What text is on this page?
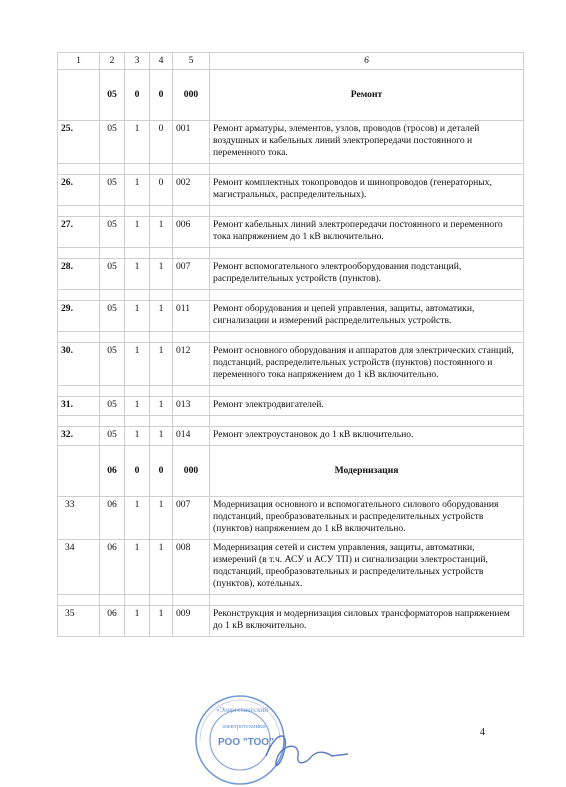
1	2	3	4	5	6
	05	0	0	000	Ремонт
25.	05	1	0	001	Ремонт арматуры, элементов, узлов, проводов (тросов) и деталей воздушных и кабельных линий электропередачи постоянного и переменного тока.

26.	05	1	0	002	Ремонт комплектных токопроводов и шинопроводов (генераторных, магистральных, распределительных).

27.	05	1	1	006	Ремонт кабельных линий электропередачи постоянного и переменного тока напряжением до 1 кВ включительно.

28.	05	1	1	007	Ремонт вспомогательного электрооборудования подстанций, распределительных устройств (пунктов).

29.	05	1	1	011	Ремонт оборудования и цепей управления, защиты, автоматики, сигнализации и измерений распределительных устройств.

30.	05	1	1	012	Ремонт основного оборудования и аппаратов для электрических станций, подстанций, распределительных устройств (пунктов) постоянного и переменного тока напряжением до 1 кВ включительно.

31.	05	1	1	013	Ремонт электродвигателей.

32.	05	1	1	014	Ремонт электроустановок до 1 кВ включительно.
	06	0	0	000	Модернизация
33	06	1	1	007	Модернизация основного и вспомогательного силового оборудования подстанций, преобразовательных и распределительных устройств (пунктов) напряжением до 1 кВ включительно.
34	06	1	1	008	Модернизация сетей и систем управления, защиты, автоматики, измерений (в т.ч. АСУ и АСУ ТП) и сигнализации электростанций, подстанций, преобразовательных и распределительных устройств (пунктов), котельных.

35	06	1	1	009	Реконструкция и модернизация силовых трансформаторов напряжением до 1 кВ включительно.
«Энергетический
электротехники
РОО "ТОО"
4
